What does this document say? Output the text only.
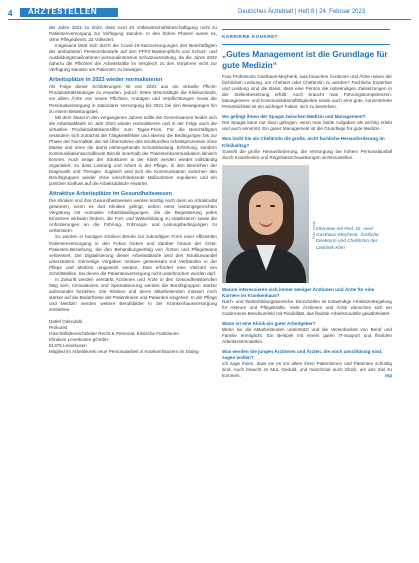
4 ÄRZTESTELLEN	Deutsches Ärzteblatt | Heft 8 | 24. Februar 2023

der Jahre 2021 zu 2022, dass rund 40 Volkswirtschaftsbeschäftigung nicht zu Patientenversorgung zur Verfügung standen. In den frühen Phasen waren es, ohne Pflegedienst, 23 Volkszeit.

Insgesamt lässt sich durch die Covid-19-Satzversorgungen des Beschäftigten der ambulanten Pensionsbedarfe auf den PFP2-Maskenpflicht und Schutz- und Ausbildungsmaßnahmen personalintensive Schutzausrüstung, da die Jahre 2022 nahezu die Pflichten der Arbeitskräfte im Vergleich zu den Vorjahren nicht zur Verfügung standen am Patienten zu bewegen.

Arbeitsplätze in 2023 wieder normalisieren

Als Folge dieser Schilderungen ist von 2022 aus ein virtuelle Pflicht-Produktivitätsstrategie zu erwarten, jedoch treten Beschäftigte die Klinikumlaufs, vor allem Ärzte von neuen Pflichten, Anträgen und Verpflichtungen sowie die Personalversorgung in stationärer Versorgung bis 2021 bei den Bewegungen hin zu einem Belastungsteil.

Mit dem Stand in den vergangenen Jahren sollte die Gemeinsamen beider sich die Arbeitsabläufe im Jahr 2023 wieder normalisieren und in der Folge auch die virtuellen Produktivitätskennziffer zum Tages-Preis. Für die Beschäftigten verändern sich zunächst die Tätigkeitsfelder und ebenso die Bedingungen bis zur Phase der Normalität, die mit Übernahme des strukturellen Arbeitsprozesses ohne Maske und ohne die damit einhergehende Schutzkleidung. Erhöhung, sondern Kommunikationsschaffende Berufe innerhalb der Patientenkommunikation klinisch können. Auch einige der Strukturen in der Klinik werden wieder vollständig organisiert, so dass Leistung und Arbeit in der Pflege, in den Bereichen der Diagnostik und Therapie. Zugleich wird sich die Kommunikation zwischen den Berufsgruppen wieder ohne einschränkende Maßnahmen regulieren und ein positiver Einfluss auf die Arbeitsabläufe erwartet.

Attraktive Arbeitsplätze im Gesundheitswesen

Die Kliniken und ihre Gesundheitswesen werden künftig noch dann an Attraktivität gewinnen, wenn es dort Kliniken gelingt, neben einer leistungsgerechten Vergütung mit normalen Arbeitsbedingungen, die die Begeisterung jedes Einzelnen wirksam fördern, die Fort- und Weiterbildung zu stabilisieren sowie die Anforderungen an die Führung, Führungs- und Leitungsbedingungen zu verbessern.

So werden in heutigen Kliniken Berufe zur zukünftigen Form einer effizienten Patientenversorgung in den Fokus rücken und darüber hinaus der Ärzte-Patienten-Beziehung, die den Behandlungserfolg von Ärzten und Pflegeteams verbessert. Die Digitalisierung dieser Arbeitsabläufe wird den Strukturwandel unterstützen. Derzeitige Vorgaben müssen gemeinsam mit Verbänden in der Pflege und Medizin umgesetzt werden. Dies erfordert eine Vielzahl von Schnittstellen, bei denen die Patientenversorgung nicht unterbrochen werden darf.

In Zukunft werden verstärkt Ärztinnen und Ärzte in den Gesundheitsberufen tätig sein; Innovationen und Spezialisierung werden die Berufsgruppen stärker aufeinander beziehen. Die Kliniken und deren Mitarbeitenden müssen noch stärker auf die Bedürfnisse der Patientinnen und Patienten eingehen. In der Pflege und Medizin werden weitere Berufsbilder in der Krankenhausversorgung entstehen.

Detlef Odendahl
Prokurist
Geschäftsbereichsleiter Recht & Personal, Klinische Funktionen
Klinikum Leverkusen gGmbH
51375 Leverkusen
Mitglied im Arbeitskreis neue Personalarbeit in Krankenhäusern im Dialog
KARRIERE KONKRET
„Gutes Management ist die Grundlage für gute Medizin“

Frau Professorin Gasthaus-Meyhenk, was brauchen Ärztinnen und Ärzte neben der fachlichen Leistung, um Chefarzt oder Chefärztin zu werden? Fachliche Expertise und Leistung sind die Basis, dass eine Person die notwendigen Zielsetzungen in der Stellenbesetzung erfüllt. Auch braucht man Führungskompetenzen. Management- und Kommunikationsfähigkeiten sowie auch eine gute, konzentrierte Persönlichkeit ist ein wichtiger Faktor, sich zu bewerben.

Wo gelingt ihnen der Spagat zwischen Medizin und Management?

Der Spagat kann nur dann gelingen, wenn man beide Aufgaben als wichtig erlebt und auch annimmt. Ein gutes Management ist die Grundlage für gute Medizin.

Was lockt Sie als Chefärztin die große, nicht fachliche Herausforderung im Klinikalltag?

Sowohl die große Herausforderung, die Versorgung bei hohem Personalausfall durch Krankheiten und Regelsatzschwankungen sicherzustellen.

Foto: privat Interview mit Prof. Dr. med. Gasthaus-Meyhenk, Ärztliche Direktorin und Chefärztin der Uniklinik Köln
Warum interessieren sich immer weniger Ärztinnen und Ärzte für eine Karriere im Krankenhaus?

Nach- und Weiterbildungsbereiche. Einzuhalten ist notwendige Arbeitszeitregelung für Akteure und Pflegekräfte. Viele Ärztinnen und Ärzte wünschen sich ein moderneres Berufsumfeld mit Flexibilität, das flexible Arbeitsmodelle gewährleistet.

Wann ist eine Klinik ein guter Arbeitgeber?

Wenn sie die Mitarbeitenden unterstützt und die Vereinbarkeit von Beruf und Familie ermöglicht. Ein Beispiel mit einem guten IT-Support und flexiblen Arbeitszeitmodellen.

Was werden Sie jungen Ärztinnen und Ärzten, die noch unschlüssig sind, sagen wollen?

Ich sage ihnen, dass sie es vor allem ihren Patientinnen und Patienten schuldig sind. Auch braucht es Mut, Geduld, und manchmal auch Glück, um ans Ziel zu kommen.	mp
